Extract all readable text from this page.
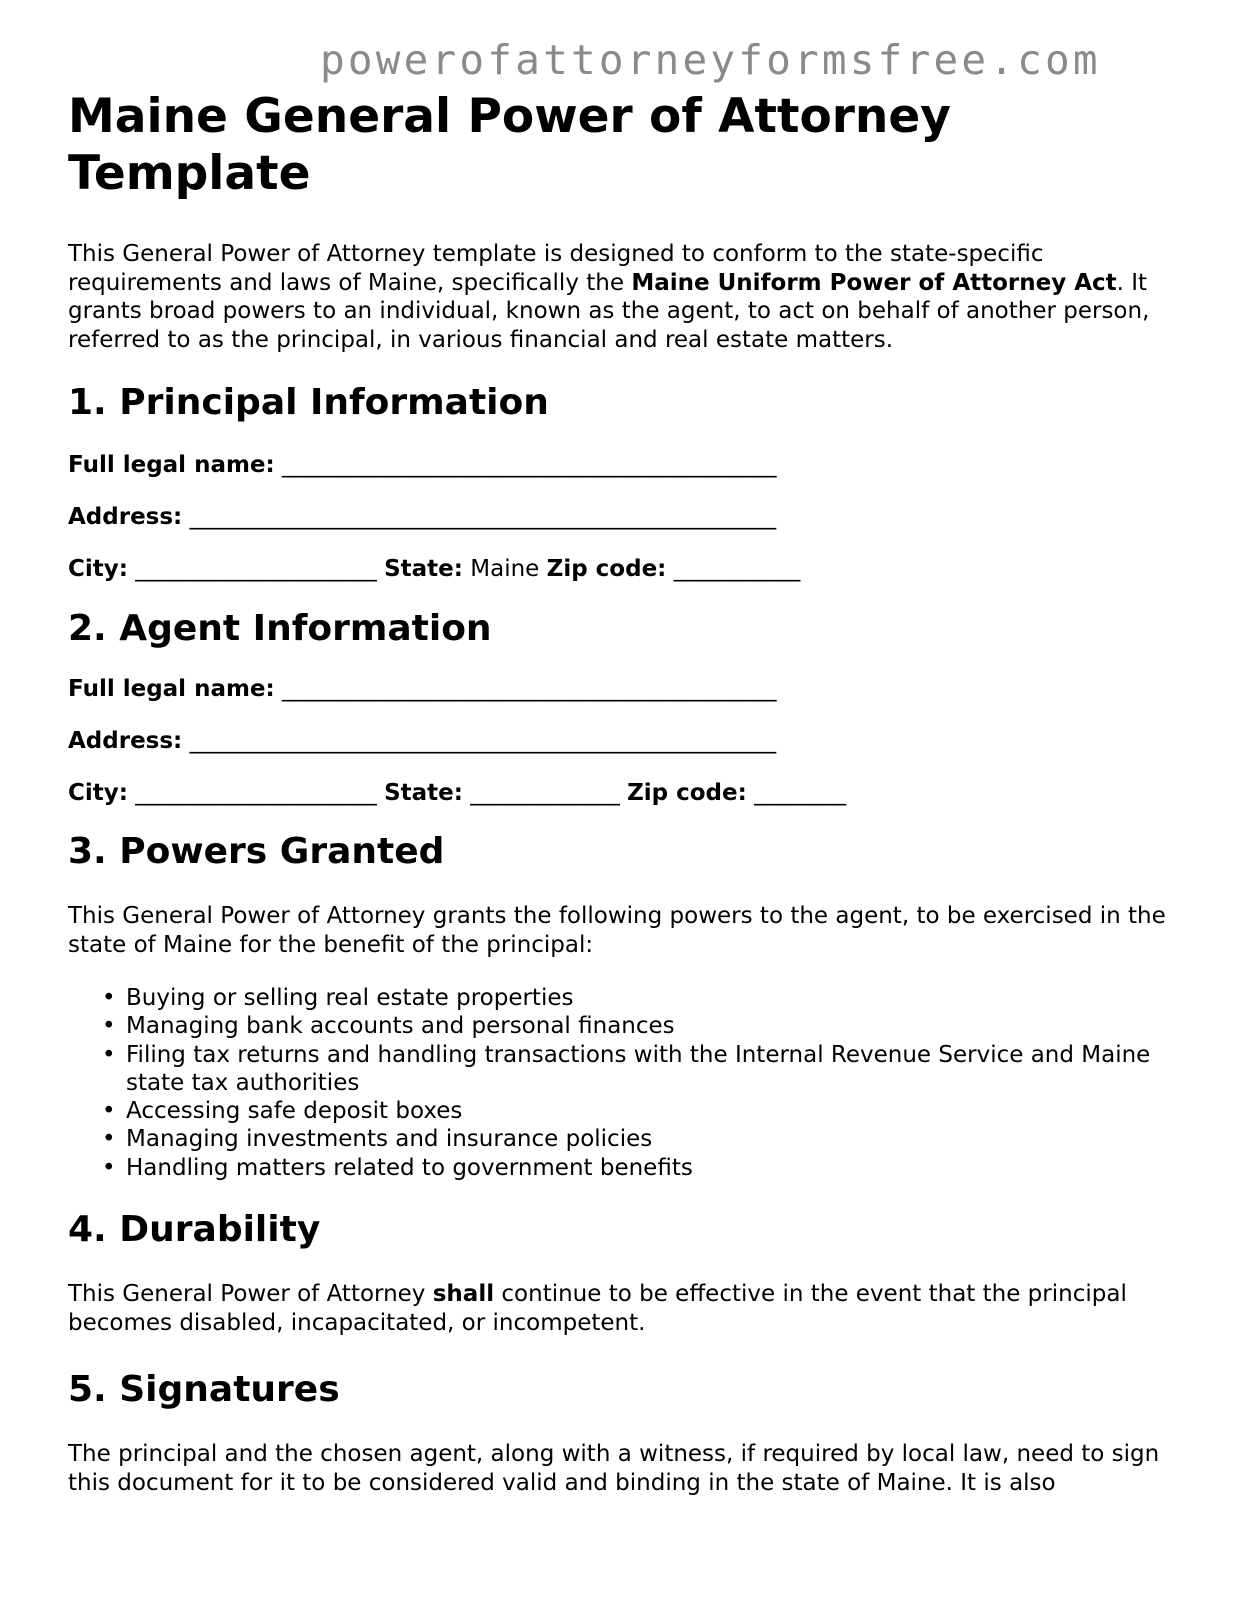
powerofattorneyformsfree.com
Maine General Power of Attorney Template

This General Power of Attorney template is designed to conform to the state-specific requirements and laws of Maine, specifically the Maine Uniform Power of Attorney Act. It grants broad powers to an individual, known as the agent, to act on behalf of another person, referred to as the principal, in various financial and real estate matters.

1. Principal Information
Full legal name: ___________________________________________
Address: ___________________________________________________
City: _____________________ State: Maine Zip code: ___________
2. Agent Information
Full legal name: ___________________________________________
Address: ___________________________________________________
City: _____________________ State: _____________ Zip code: ________
3. Powers Granted

This General Power of Attorney grants the following powers to the agent, to be exercised in the state of Maine for the benefit of the principal:

• Buying or selling real estate properties
• Managing bank accounts and personal finances
• Filing tax returns and handling transactions with the Internal Revenue Service and Maine state tax authorities
• Accessing safe deposit boxes
• Managing investments and insurance policies
• Handling matters related to government benefits
4. Durability

This General Power of Attorney shall continue to be effective in the event that the principal becomes disabled, incapacitated, or incompetent.

5. Signatures

The principal and the chosen agent, along with a witness, if required by local law, need to sign this document for it to be considered valid and binding in the state of Maine. It is also
